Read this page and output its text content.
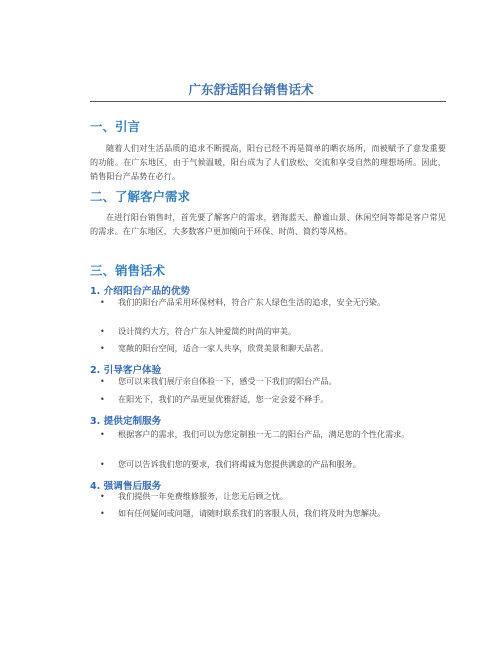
广东舒适阳台销售话术
一、引言
随着人们对生活品质的追求不断提高，阳台已经不再是简单的晒衣场所，而被赋予了意发重要的功能。在广东地区，由于气候温暖，阳台成为了人们放松、交流和享受自然的理想场所。因此，销售阳台产品势在必行。
二、了解客户需求
在进行阳台销售时，首先要了解客户的需求，碧海蓝天、静谧山景、休闲空间等都是客户常见的需求。在广东地区，大多数客户更加倾向于环保、时尚、简约等风格。
三、销售话术
1. 介绍阳台产品的优势
• 我们的阳台产品采用环保材料，符合广东人绿色生活的追求，安全无污染。
• 设计简约大方，符合广东人钟爱简约时尚的审美。
• 宽敞的阳台空间，适合一家人共享，欣赏美景和聊天品茗。
2. 引导客户体验
• 您可以来我们展厅亲自体验一下，感受一下我们的阳台产品。
• 在阳光下，我们的产品更显优雅舒适，您一定会爱不释手。
3. 提供定制服务
• 根据客户的需求，我们可以为您定制独一无二的阳台产品，满足您的个性化需求。
• 您可以告诉我们您的要求，我们将竭诚为您提供满意的产品和服务。
4. 强调售后服务
• 我们提供一年免费维修服务，让您无后顾之忧。
• 如有任何疑问或问题，请随时联系我们的客服人员，我们将及时为您解决。
